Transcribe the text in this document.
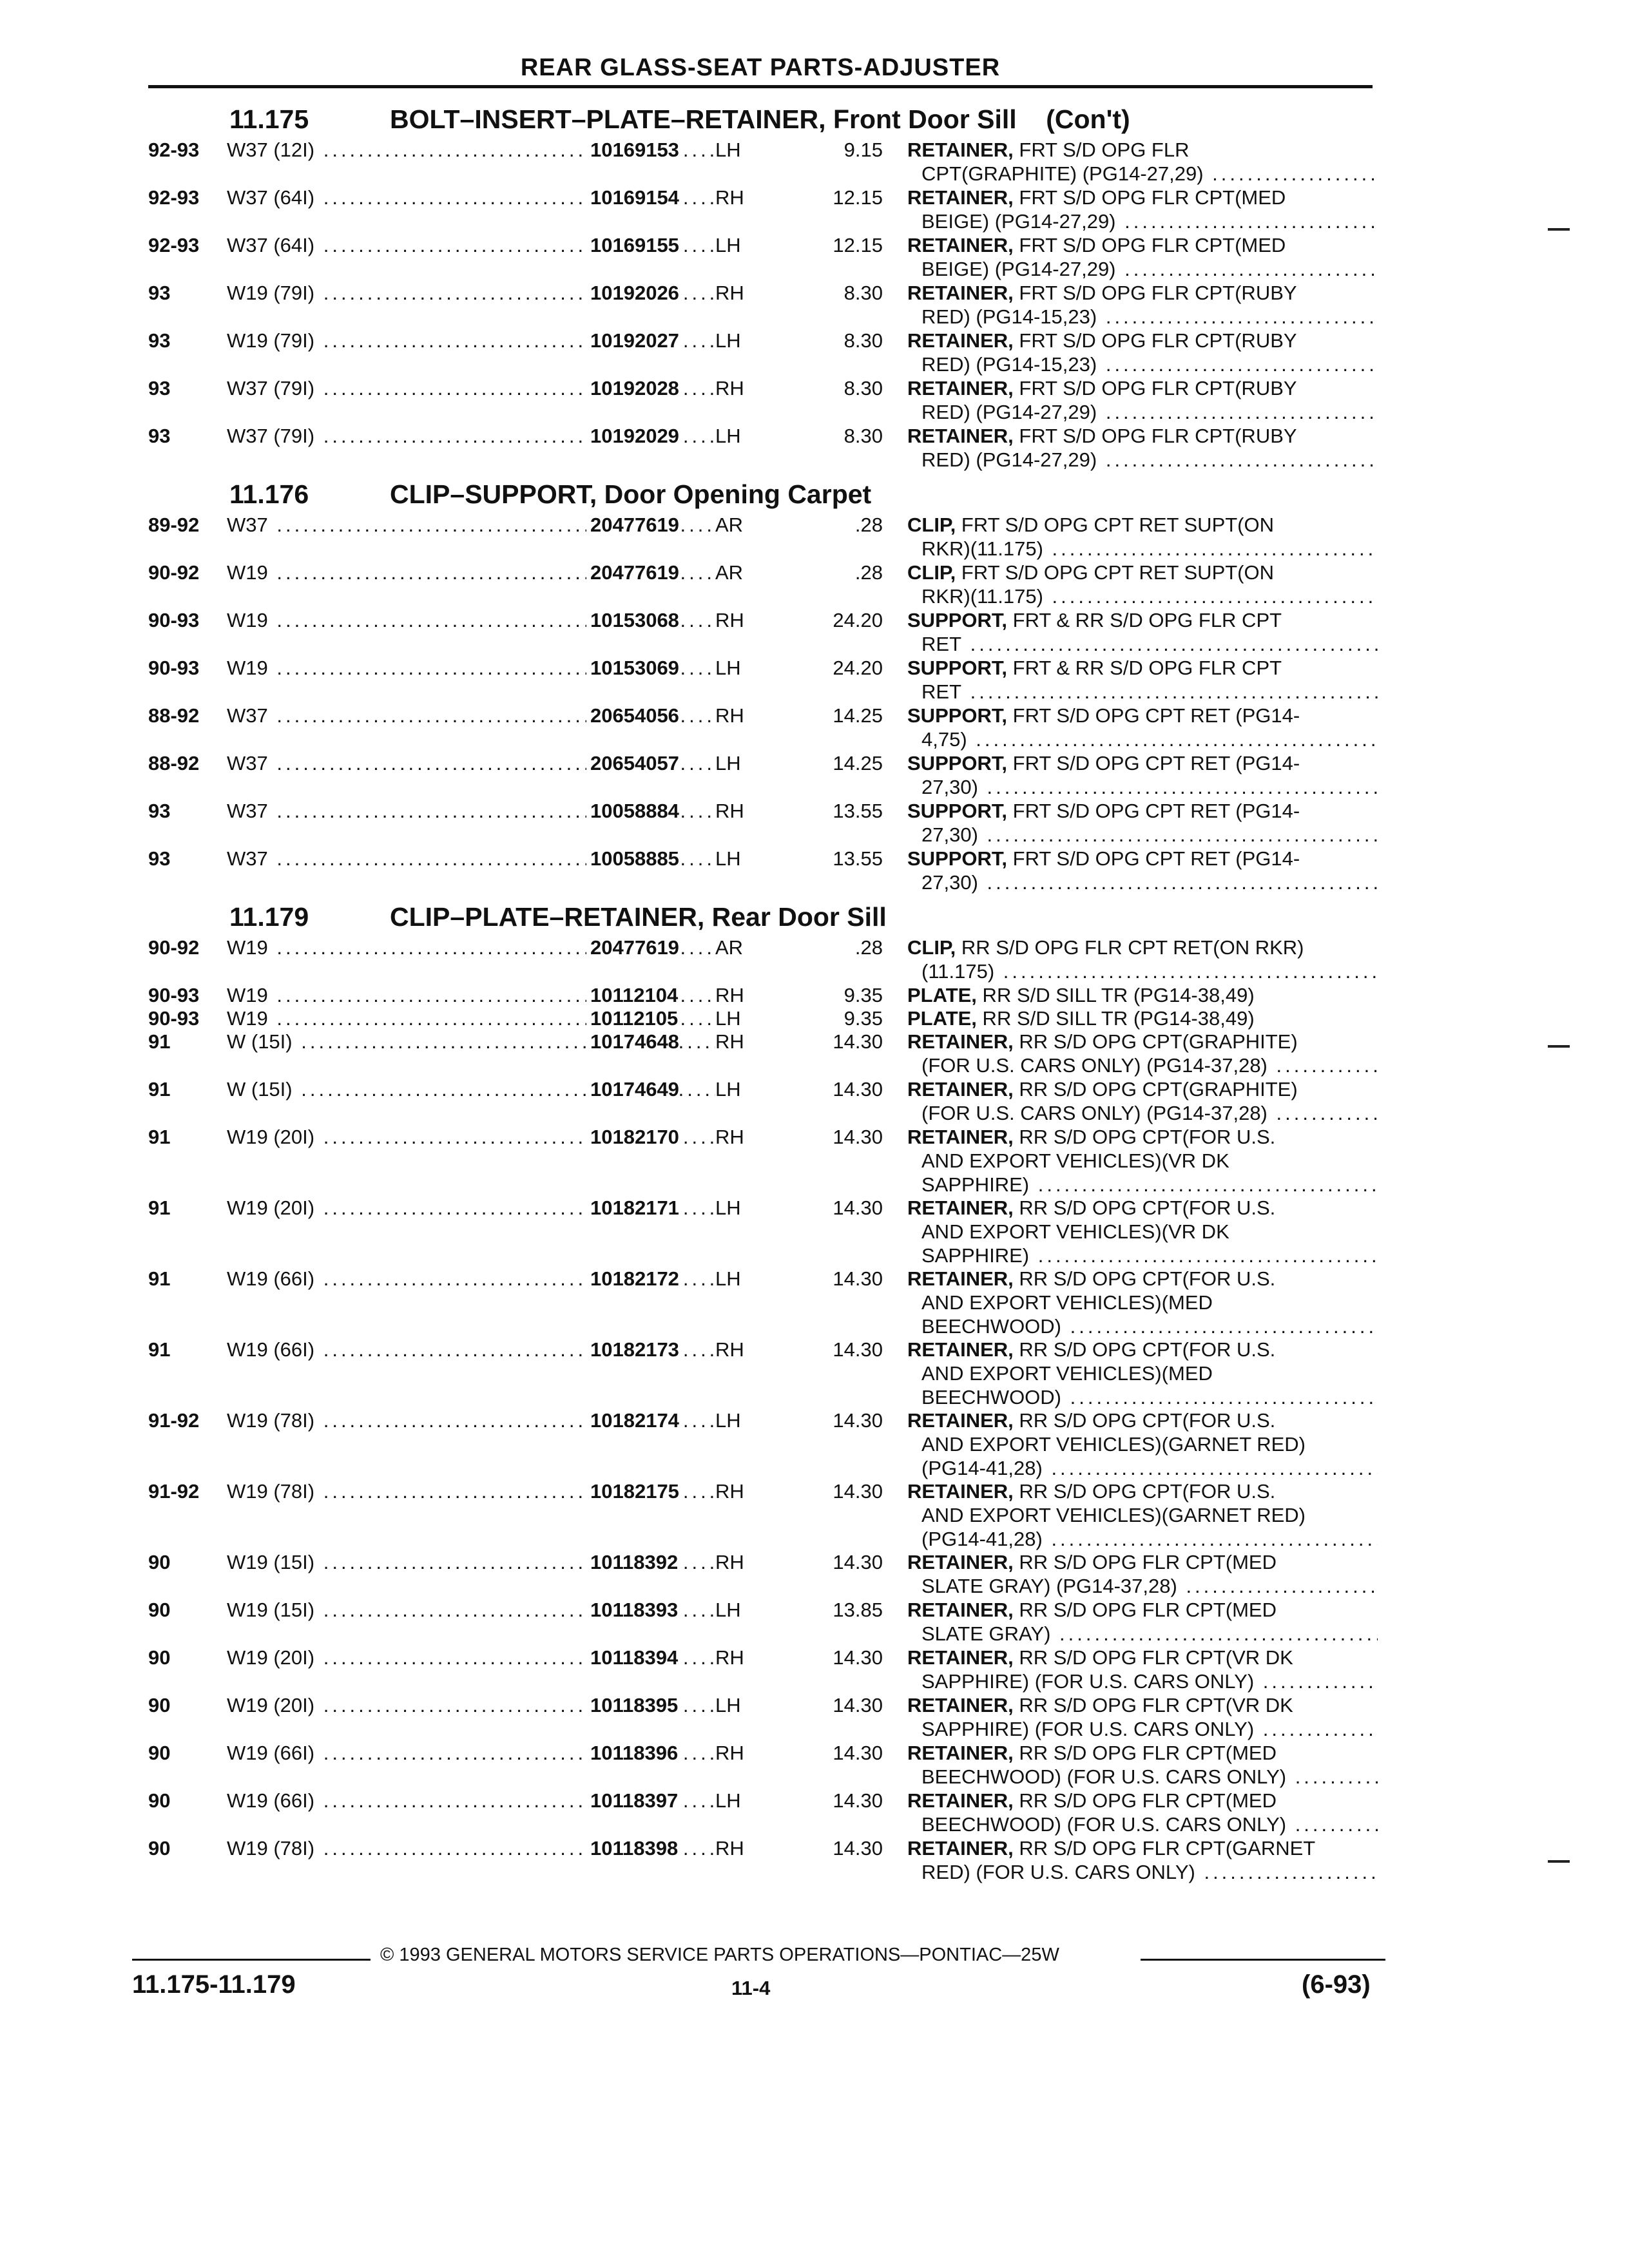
REAR GLASS-SEAT PARTS-ADJUSTER
11.175	BOLT–INSERT–PLATE–RETAINER, Front Door Sill (Con't)
92-93 W37 (12I) .....	10169153 LH	9.15 RETAINER, FRT S/D OPG FLR
CPT(GRAPHITE) (PG14-27,29) .....
92-93 W37 (64I) .....	10169154 RH	12.15 RETAINER, FRT S/D OPG FLR CPT(MED
BEIGE) (PG14-27,29) .....
92-93 W37 (64I) .....	10169155 LH	12.15 RETAINER, FRT S/D OPG FLR CPT(MED
BEIGE) (PG14-27,29) .....
93	W19 (79I) .....	10192026 RH	8.30 RETAINER, FRT S/D OPG FLR CPT(RUBY
RED) (PG14-15,23) .....
93	W19 (79I) .....	10192027 LH	8.30 RETAINER, FRT S/D OPG FLR CPT(RUBY
RED) (PG14-15,23) .....
93	W37 (79I) .....	10192028 RH	8.30 RETAINER, FRT S/D OPG FLR CPT(RUBY
RED) (PG14-27,29) .....
93	W37 (79I) .....	10192029 LH	8.30 RETAINER, FRT S/D OPG FLR CPT(RUBY
RED) (PG14-27,29) .....
11.176	CLIP–SUPPORT, Door Opening Carpet
89-92 W37 .....	20477619 AR	.28 CLIP, FRT S/D OPG CPT RET SUPT(ON
RKR)(11.175) .....
90-92 W19 .....	20477619 AR	.28 CLIP, FRT S/D OPG CPT RET SUPT(ON
RKR)(11.175) .....
90-93 W19 .....	10153068 RH	24.20 SUPPORT, FRT & RR S/D OPG FLR CPT
RET .....
90-93 W19 .....	10153069 LH	24.20 SUPPORT, FRT & RR S/D OPG FLR CPT
RET .....
88-92 W37 .....	20654056 RH	14.25 SUPPORT, FRT S/D OPG CPT RET (PG14-
4,75) .....
88-92 W37 .....	20654057 LH	14.25 SUPPORT, FRT S/D OPG CPT RET (PG14-
27,30) .....
93	W37 .....	10058884 RH	13.55 SUPPORT, FRT S/D OPG CPT RET (PG14-
27,30) .....
93	W37 .....	10058885 LH	13.55 SUPPORT, FRT S/D OPG CPT RET (PG14-
27,30) .....
11.179	CLIP–PLATE–RETAINER, Rear Door Sill
90-92 W19 .....	20477619 AR	.28 CLIP, RR S/D OPG FLR CPT RET(ON RKR)
(11.175) .....
90-93 W19 .....	10112104 RH	9.35 PLATE, RR S/D SILL TR (PG14-38,49)
90-93 W19 .....	10112105 LH	9.35 PLATE, RR S/D SILL TR (PG14-38,49)
91	W (15I) .....	10174648 RH	14.30 RETAINER, RR S/D OPG CPT(GRAPHITE)
(FOR U.S. CARS ONLY) (PG14-37,28) .....
91	W (15I) .....	10174649 LH	14.30 RETAINER, RR S/D OPG CPT(GRAPHITE)
(FOR U.S. CARS ONLY) (PG14-37,28) .....
91	W19 (20I) .....	10182170 RH	14.30 RETAINER, RR S/D OPG CPT(FOR U.S.
AND EXPORT VEHICLES)(VR DK
SAPPHIRE) .....
91	W19 (20I) .....	10182171 LH	14.30 RETAINER, RR S/D OPG CPT(FOR U.S.
AND EXPORT VEHICLES)(VR DK
SAPPHIRE) .....
91	W19 (66I) .....	10182172 LH	14.30 RETAINER, RR S/D OPG CPT(FOR U.S.
AND EXPORT VEHICLES)(MED
BEECHWOOD) .....
91	W19 (66I) .....	10182173 RH	14.30 RETAINER, RR S/D OPG CPT(FOR U.S.
AND EXPORT VEHICLES)(MED
BEECHWOOD) .....
91-92 W19 (78I) .....	10182174 LH	14.30 RETAINER, RR S/D OPG CPT(FOR U.S.
AND EXPORT VEHICLES)(GARNET RED)
(PG14-41,28) .....
91-92 W19 (78I) .....	10182175 RH	14.30 RETAINER, RR S/D OPG CPT(FOR U.S.
AND EXPORT VEHICLES)(GARNET RED)
(PG14-41,28) .....
90	W19 (15I) .....	10118392 RH	14.30 RETAINER, RR S/D OPG FLR CPT(MED
SLATE GRAY) (PG14-37,28) .....
90	W19 (15I) .....	10118393 LH	13.85 RETAINER, RR S/D OPG FLR CPT(MED
SLATE GRAY) .....
90	W19 (20I) .....	10118394 RH	14.30 RETAINER, RR S/D OPG FLR CPT(VR DK
SAPPHIRE) (FOR U.S. CARS ONLY) .....
90	W19 (20I) .....	10118395 LH	14.30 RETAINER, RR S/D OPG FLR CPT(VR DK
SAPPHIRE) (FOR U.S. CARS ONLY) .....
90	W19 (66I) .....	10118396 RH	14.30 RETAINER, RR S/D OPG FLR CPT(MED
BEECHWOOD) (FOR U.S. CARS ONLY) .....
90	W19 (66I) .....	10118397 LH	14.30 RETAINER, RR S/D OPG FLR CPT(MED
BEECHWOOD) (FOR U.S. CARS ONLY) .....
90	W19 (78I) .....	10118398 RH	14.30 RETAINER, RR S/D OPG FLR CPT(GARNET
RED) (FOR U.S. CARS ONLY) .....
© 1993 GENERAL MOTORS SERVICE PARTS OPERATIONS—PONTIAC—25W
11.175-11.179	11-4	(6-93)
